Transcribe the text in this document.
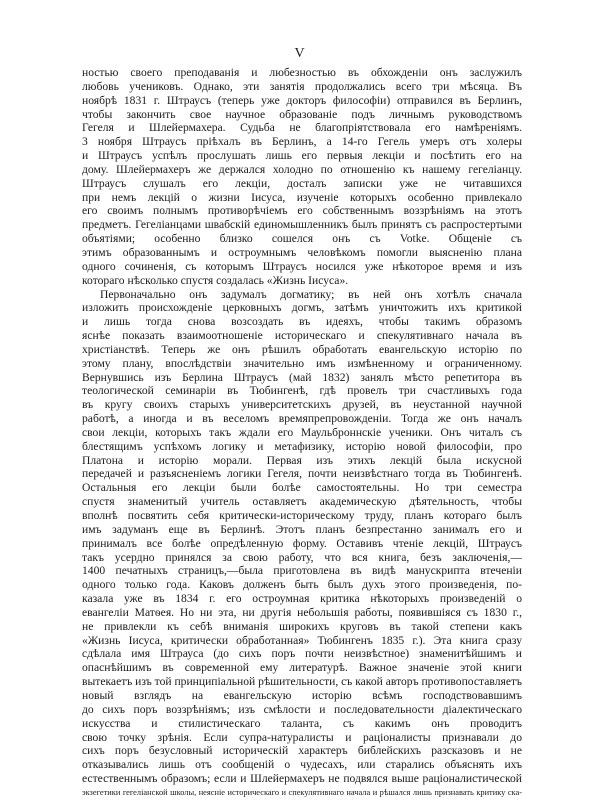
V
ностью своего преподаванія и любезностью въ обхожденіи онъ заслужилъ
любовь учениковъ. Однако, эти занятія продолжались всего три мѣсяца. Въ
ноябрѣ 1831 г. Штраусъ (теперь уже докторъ философіи) отправился въ Берлинъ,
чтобы закончить свое научное образованіе подъ личнымъ руководствомъ
Гегеля и Шлейермахера. Судьба не благопріятствовала его намѣреніямъ.
3 ноября Штраусъ пріѣхалъ въ Берлинъ, а 14-го Гегель умеръ отъ холеры
и Штраусъ успѣлъ прослушать лишь его первыя лекціи и посѣтить его на
дому. Шлейермахеръ же держался холодно по отношенію къ нашему гегеліанцу.
Штраусъ слушалъ его лекціи, досталъ записки уже не читавшихся
при немъ лекцій о жизни Іисуса, изученіе которыхъ особенно привлекало
его своимъ полнымъ противорѣчіемъ его собственнымъ воззрѣніямъ на этотъ
предметъ. Гегеліанцами швабскій единомышленникъ былъ принятъ съ распростертыми
объятіями; особенно близко сошелся онъ съ Votke. Общеніе съ
этимъ образованнымъ и остроумнымъ человѣкомъ помогли выясненію плана
одного сочиненія, съ которымъ Штраусъ носился уже нѣкоторое время и изъ
котораго нѣсколько спустя создалась «Жизнь Іисуса».
Первоначально онъ задумалъ догматику; въ ней онъ хотѣлъ сначала
изложить происхожденіе церковныхъ догмъ, затѣмъ уничтожить ихъ критикой
и лишь тогда снова возсоздать въ идеяхъ, чтобы такимъ образомъ
яснѣе показать взаимоотношеніе историческаго и спекулятивнаго начала въ
христіанствѣ. Теперь же онъ рѣшилъ обработать евангельскую исторію по
этому плану, впослѣдствіи значительно имъ измѣненному и ограниченному.
Вернувшись изъ Берлина Штраусъ (май 1832) занялъ мѣсто репетитора въ
теологической семинаріи въ Тюбингенѣ, гдѣ провелъ три счастливыхъ года
въ кругу своихъ старыхъ университетскихъ друзей, въ неустанной научной
работѣ, а иногда и въ веселомъ времяпрепровожденіи. Тогда же онъ началъ
свои лекціи, которыхъ такъ ждали его Маульброннскіе ученики. Онъ читалъ съ
блестящимъ успѣхомъ логику и метафизику, исторію новой философіи, про
Платона и исторію морали. Первая изъ этихъ лекцій была искусной
передачей и разъясненіемъ логики Гегеля, почти неизвѣстнаго тогда въ Тюбингенѣ.
Остальныя его лекціи были болѣе самостоятельны. Но три семестра
спустя знаменитый учитель оставляетъ академическую дѣятельность, чтобы
вполнѣ посвятить себя критически-историческому труду, планъ котораго былъ
имъ задуманъ еще въ Берлинѣ. Этотъ планъ безпрестанно занималъ его и
принималъ все болѣе опредѣленную форму. Оставивъ чтеніе лекцій, Штраусъ
такъ усердно принялся за свою работу, что вся книга, безъ заключенія,—
1400 печатныхъ страницъ,—была приготовлена въ видѣ манускрипта втеченіи
одного только года. Каковъ долженъ быть былъ духъ этого произведенія, по-
казала уже въ 1834 г. его остроумная критика нѣкоторыхъ произведеній о
евангеліи Матѳея. Но ни эта, ни другія небольшія работы, появившіяся съ 1830 г.,
не привлекли къ себѣ вниманія широкихъ круговъ въ такой степени какъ
«Жизнь Іисуса, критически обработанная» Тюбингенъ 1835 г.). Эта книга сразу
сдѣлала имя Штрауса (до сихъ поръ почти неизвѣстное) знаменитѣйшимъ и
опаснѣйшимъ въ современной ему литературѣ. Важное значеніе этой книги
вытекаетъ изъ той принципіальной рѣшительности, съ какой авторъ противопоставляетъ
новый взглядъ на евангельскую исторію всѣмъ господствовавшимъ
до сихъ поръ воззрѣніямъ; изъ смѣлости и последовательности діалектическаго
искусства и стилистическаго таланта, съ какимъ онъ проводитъ
свою точку зрѣнія. Если супра-натуралисты и раціоналисты признавали до
сихъ поръ безусловный историческій характеръ библейскихъ разсказовъ и не
отказывались лишь отъ сообщеній о чудесахъ, или старались объяснять ихъ
естественнымъ образомъ; если и Шлейермахеръ не подвялся выше раціоналистической
экзегетики гегеліанской школы, неясніе историческаго и спекулятивнаго начала и рѣшался лишь признавать критику ска-
